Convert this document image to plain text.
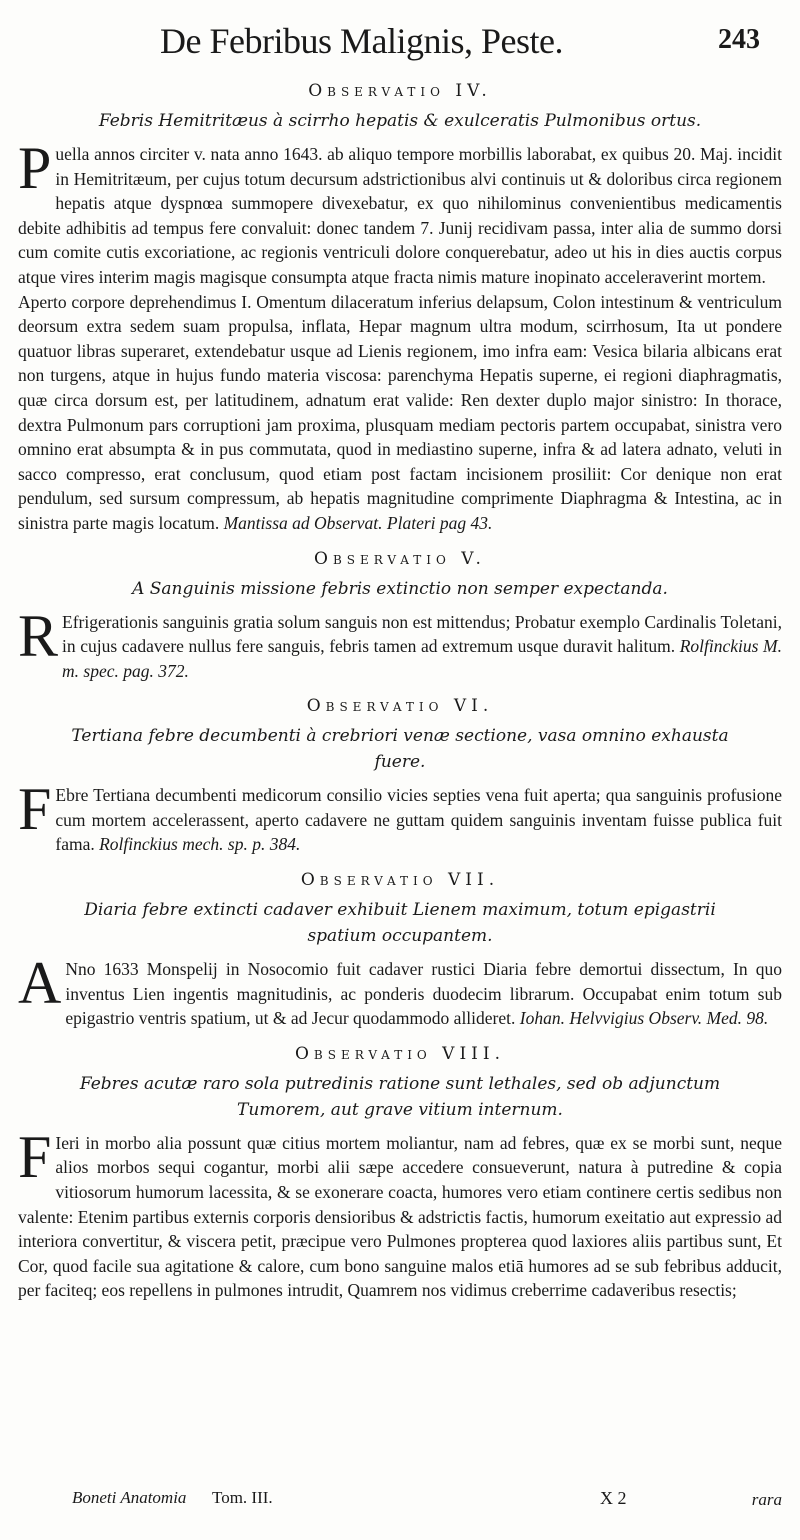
De Febribus Malignis, Peste.	243
Observatio IV.
Febris Hemitritæus à scirrho hepatis & exulceratis Pulmonibus ortus.

Puella annos circiter v. nata anno 1643. ab aliquo tempore morbillis laborabat, ex quibus 20. Maj. incidit in Hemitritæum, per cujus totum decursum adstrictionibus alvi continuis ut & doloribus circa regionem hepatis atque dyspnœa summopere divexebatur, ex quo nihilominus convenientibus medicamentis debite adhibitis ad tempus fere convaluit: donec tandem 7. Junij recidivam passa, inter alia de summo dorsi cum comite cutis excoriatione, ac regionis ventriculi dolore conquerebatur, adeo ut his in dies auctis corpus atque vires interim magis magisque consumpta atque fracta nimis mature inopinato acceleraverint mortem.

Aperto corpore deprehendimus I. Omentum dilaceratum inferius delapsum, Colon intestinum & ventriculum deorsum extra sedem suam propulsa, inflata, Hepar magnum ultra modum, scirrhosum, Ita ut pondere quatuor libras superaret, extendebatur usque ad Lienis regionem, imo infra eam: Vesica bilaria albicans erat non turgens, atque in hujus fundo materia viscosa: parenchyma Hepatis superne, ei regioni diaphragmatis, quæ circa dorsum est, per latitudinem, adnatum erat valide: Ren dexter duplo major sinistro: In thorace, dextra Pulmonum pars corruptioni jam proxima, plusquam mediam pectoris partem occupabat, sinistra vero omnino erat absumpta & in pus commutata, quod in mediastino superne, infra & ad latera adnato, veluti in sacco compresso, erat conclusum, quod etiam post factam incisionem prosiliit: Cor denique non erat pendulum, sed sursum compressum, ab hepatis magnitudine comprimente Diaphragma & Intestina, ac in sinistra parte magis locatum. Mantissa ad Observat. Plateri pag 43.

Observatio V.
A Sanguinis missione febris extinctio non semper expectanda.

R Efrigerationis sanguinis gratia solum sanguis non est mittendus; Probatur exemplo Cardinalis Toletani, in cujus cadavere nullus fere sanguis, febris tamen ad extremum usque duravit halitum. Rolfinckius M. m. spec. pag. 372.

Observatio VI.
Tertiana febre decumbenti à crebriori venæ sectione, vasa omnino exhausta fuere.

F Ebre Tertiana decumbenti medicorum consilio vicies septies vena fuit aperta; qua sanguinis profusione cum mortem accelerassent, aperto cadavere ne guttam quidem sanguinis inventam fuisse publica fuit fama. Rolfinckius mech. sp. p. 384.

Observatio VII.
Diaria febre extincti cadaver exhibuit Lienem maximum, totum epigastrii spatium occupantem.

A Nno 1633 Monspelij in Nosocomio fuit cadaver rustici Diaria febre demortui dissectum, In quo inventus Lien ingentis magnitudinis, ac ponderis duodecim librarum. Occupabat enim totum sub epigastrio ventris spatium, ut & ad Jecur quodammodo allideret. Iohan. Helvvigius Observ. Med. 98.

Observatio VIII.
Febres acutæ raro sola putredinis ratione sunt lethales, sed ob adjunctum Tumorem, aut grave vitium internum.

F Ieri in morbo alia possunt quæ citius mortem moliantur, nam ad febres, quæ ex se morbi sunt, neque alios morbos sequi cogantur, morbi alii sæpe accedere consueverunt, natura à putredine & copia vitiosorum humorum lacessita, & se exonerare coacta, humores vero etiam continere certis sedibus non valente: Etenim partibus externis corporis densioribus & adstrictis factis, humorum exeitatio aut expressio ad interiora convertitur, & viscera petit, præcipue vero Pulmones propterea quod laxiores aliis partibus sunt, Et Cor, quod facile sua agitatione & calore, cum bono sanguine malos etiā humores ad se sub febribus adducit, per faciteq; eos repellens in pulmones intrudit, Quamrem nos vidimus creberrime cadaveribus resectis;

Boneti Anatomia Tom. III.	X 2	rara
